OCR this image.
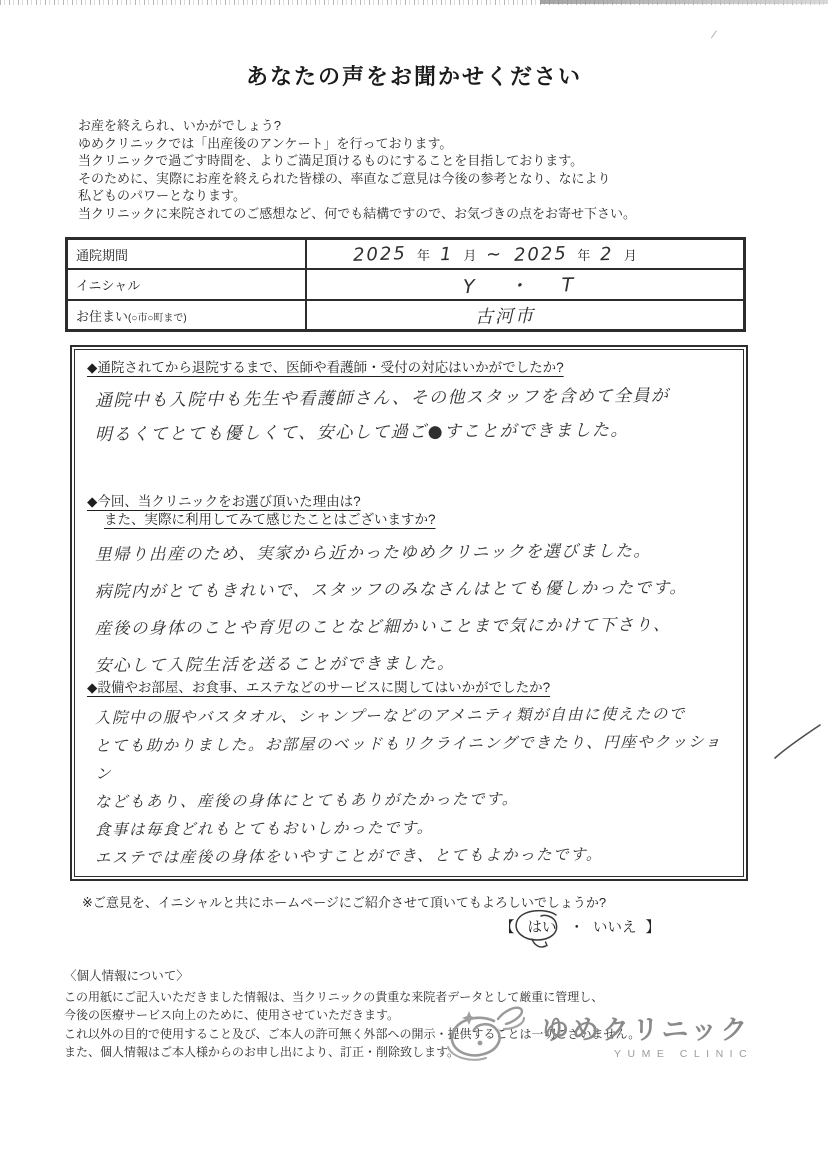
あなたの声をお聞かせください

お産を終えられ、いかがでしょう?

ゆめクリニックでは「出産後のアンケート」を行っております。

当クリニックで過ごす時間を、よりご満足頂けるものにすることを目指しております。

そのために、実際にお産を終えられた皆様の、率直なご意見は今後の参考となり、なにより

私どものパワーとなります。

当クリニックに来院されてのご感想など、何でも結構ですので、お気づきの点をお寄せ下さい。

通院期間	2025 年 1 月 ~ 2025 年 2 月

イニシャル	Y ・ T
お住まい(○市○町まで)	古河市

◆通院されてから退院するまで、医師や看護師・受付の対応はいかがでしたか?

通院中も入院中も先生や看護師さん、その他スタッフを含めて全員が

明るくてとても優しくて、安心して過ご●すことができました。

◆今回、当クリニックをお選び頂いた理由は?

また、実際に利用してみて感じたことはございますか?

里帰り出産のため、実家から近かったゆめクリニックを選びました。

病院内がとてもきれいで、スタッフのみなさんはとても優しかったです。

産後の身体のことや育児のことなど細かいことまで気にかけて下さり、

安心して入院生活を送ることができました。

◆設備やお部屋、お食事、エステなどのサービスに関してはいかがでしたか?

入院中の服やバスタオル、シャンプーなどのアメニティ類が自由に使えたので

とても助かりました。お部屋のベッドもリクライニングできたり、円座やクッション

などもあり、産後の身体にとてもありがたかったです。

食事は毎食どれもとてもおいしかったです。

エステでは産後の身体をいやすことができ、とてもよかったです。

※ご意見を、イニシャルと共にホームページにご紹介させて頂いてもよろしいでしょうか?

【 はい ・ いいえ 】
〈個人情報について〉

この用紙にご記入いただきました情報は、当クリニックの貴重な来院者データとして厳重に管理し、

今後の医療サービス向上のために、使用させていただきます。

これ以外の目的で使用すること及び、ご本人の許可無く外部への開示・提供することは一切ございません。

また、個人情報はご本人様からのお申し出により、訂正・削除致します。

ゆめクリニック
YUME CLINIC
